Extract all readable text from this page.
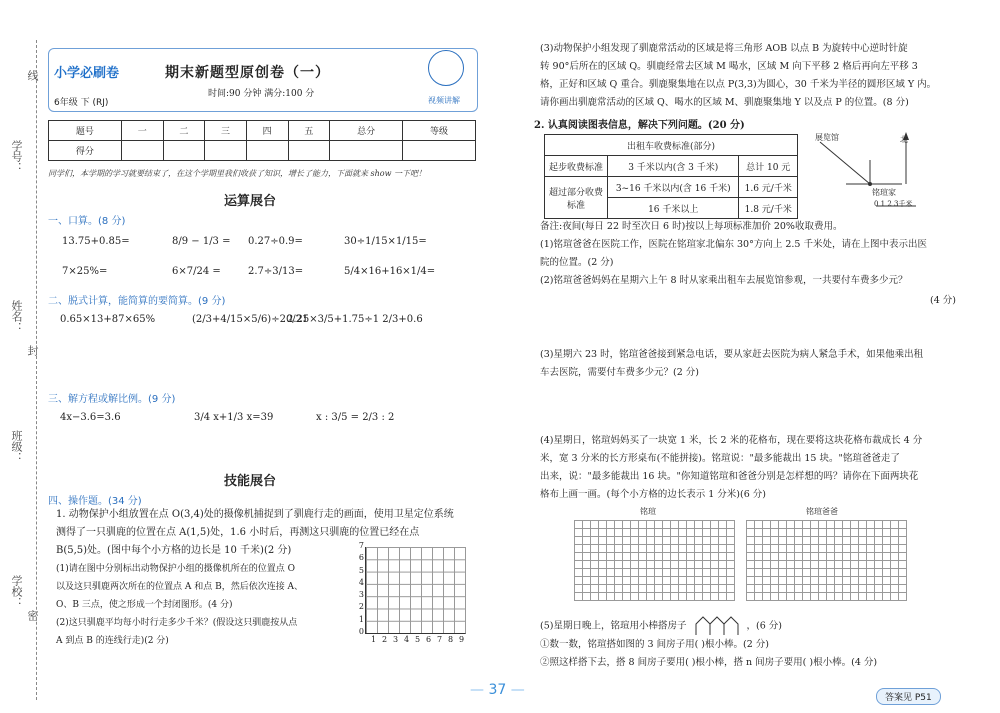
线
学号：
姓名：
封
班级：
学校：
密
小学必刷卷
6年级 下 (RJ)
期末新题型原创卷（一）
时间:90 分钟 满分:100 分
视频讲解
题号	一	二	三	四	五	总分	等级
得分							
同学们，本学期的学习就要结束了，在这个学期里我们收获了知识，增长了能力，下面就来 show 一下吧！
运算展台
一、口算。(8 分)
13.75+0.85=	8/9 − 1/3 = 0.27÷0.9=	30÷1/15×1/15=
7×25%=	6×7/24 =	2.7÷3/13=	5/4×16+16×1/4=
二、脱式计算，能简算的要简算。(9 分)
0.65×13+87×65%	(2/3+4/15×5/6)÷20/21
2.25×3/5+1.75÷1 2/3+0.6
三、解方程或解比例。(9 分)
4x−3.6=3.6	3/4 x+1/3 x=39	x : 3/5 = 2/3 : 2
技能展台
四、操作题。(34 分)
1. 动物保护小组放置在点 O(3,4)处的摄像机捕捉到了驯鹿行走的画面，使用卫星定位系统
测得了一只驯鹿的位置在点 A(1,5)处，1.6 小时后，再测这只驯鹿的位置已经在点
B(5,5)处。(图中每个小方格的边长是 10 千米)(2 分)
(1)请在图中分别标出动物保护小组的摄像机所在的位置点 O
以及这只驯鹿两次所在的位置点 A 和点 B，然后依次连接 A、
O、B 三点，使之形成一个封闭图形。(4 分)
(2)这只驯鹿平均每小时行走多少千米？(假设这只驯鹿按从点
A 到点 B 的连线行走)(2 分)
7
6
5
4
3
2
1
0
1 2 3 4 5 6 7 8 9
(3)动物保护小组发现了驯鹿常活动的区域是将三角形 AOB 以点 B 为旋转中心逆时针旋
转 90°后所在的区域 Q。驯鹿经常去区域 M 喝水，区域 M 向下平移 2 格后再向左平移 3
格，正好和区域 Q 重合。驯鹿聚集地在以点 P(3,3)为圆心，30 千米为半径的圆形区域 Y 内。
请你画出驯鹿常活动的区域 Q、喝水的区域 M、驯鹿聚集地 Y 以及点 P 的位置。(8 分)
2. 认真阅读图表信息，解决下列问题。(20 分)
出租车收费标准(部分)		
起步收费标准	3 千米以内(含 3 千米)	总计 10 元
超过部分收费标准	3~16 千米以内(含 16 千米)	1.6 元/千米
	16 千米以上	1.8 元/千米
展览馆	北
铭瑄家
0 1 2 3千米
备注:夜间(每日 22 时至次日 6 时)按以上每项标准加价 20%收取费用。
(1)铭瑄爸爸在医院工作，医院在铭瑄家北偏东 30°方向上 2.5 千米处，请在上图中表示出医
院的位置。(2 分)
(2)铭瑄爸爸妈妈在星期六上午 8 时从家乘出租车去展览馆参观，一共要付车费多少元？
(4 分)
(3)星期六 23 时，铭瑄爸爸接到紧急电话，要从家赶去医院为病人紧急手术，如果他乘出租
车去医院，需要付车费多少元？(2 分)
(4)星期日，铭瑄妈妈买了一块宽 1 米，长 2 米的花格布，现在要将这块花格布裁成长 4 分
米，宽 3 分米的长方形桌布(不能拼接)。铭瑄说："最多能裁出 15 块。"铭瑄爸爸走了
出来，说："最多能裁出 16 块。"你知道铭瑄和爸爸分别是怎样想的吗？请你在下面两块花
格布上画一画。(每个小方格的边长表示 1 分米)(6 分)
铭瑄	铭瑄爸爸
(5)星期日晚上，铭瑄用小棒搭房子	，(6 分)
①数一数，铭瑄搭如图的 3 间房子用( )根小棒。(2 分)
②照这样搭下去，搭 8 间房子要用( )根小棒，搭 n 间房子要用( )根小棒。(4 分)
— 37 —	答案见 P51
